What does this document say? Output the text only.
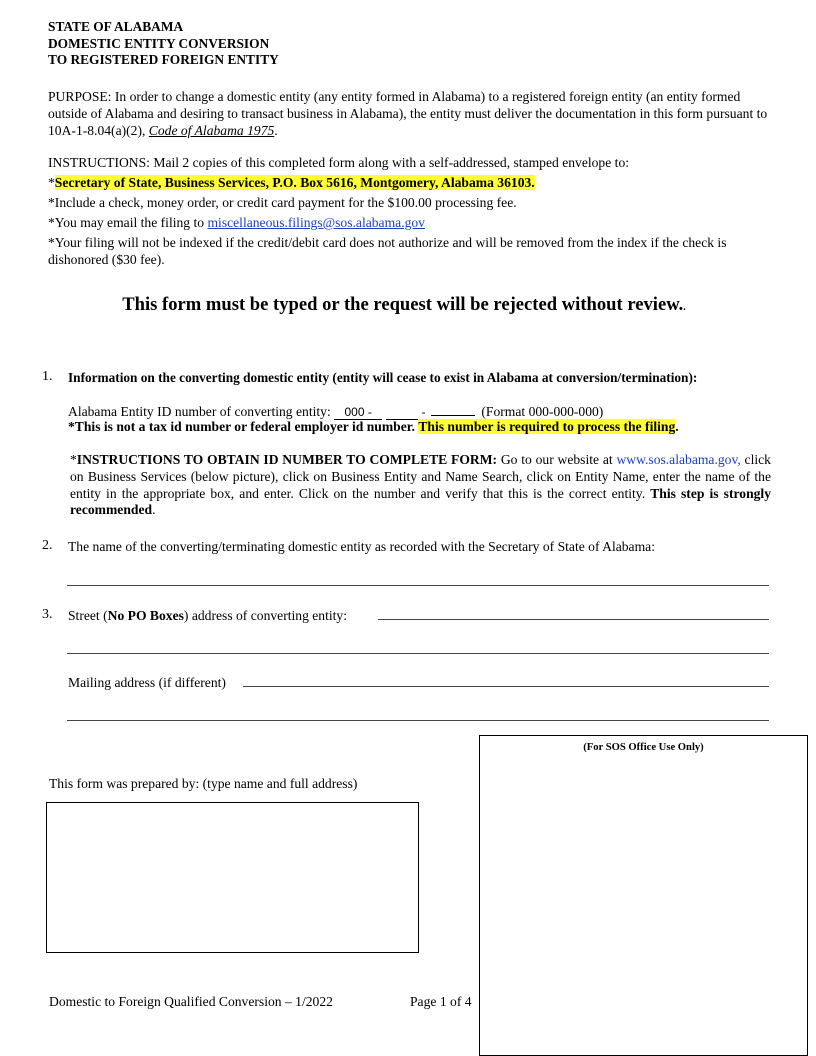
STATE OF ALABAMA
DOMESTIC ENTITY CONVERSION
TO REGISTERED FOREIGN ENTITY
PURPOSE: In order to change a domestic entity (any entity formed in Alabama) to a registered foreign entity (an entity formed outside of Alabama and desiring to transact business in Alabama), the entity must deliver the documentation in this form pursuant to 10A-1-8.04(a)(2), Code of Alabama 1975.
INSTRUCTIONS: Mail 2 copies of this completed form along with a self-addressed, stamped envelope to:
*Secretary of State, Business Services, P.O. Box 5616, Montgomery, Alabama 36103.
*Include a check, money order, or credit card payment for the $100.00 processing fee.
*You may email the filing to miscellaneous.filings@sos.alabama.gov
*Your filing will not be indexed if the credit/debit card does not authorize and will be removed from the index if the check is dishonored ($30 fee).
This form must be typed or the request will be rejected without review..
1. Information on the converting domestic entity (entity will cease to exist in Alabama at conversion/termination):
Alabama Entity ID number of converting entity: 000 -	-	(Format 000-000-000)
*This is not a tax id number or federal employer id number. This number is required to process the filing.
*INSTRUCTIONS TO OBTAIN ID NUMBER TO COMPLETE FORM: Go to our website at www.sos.alabama.gov, click on Business Services (below picture), click on Business Entity and Name Search, click on Entity Name, enter the name of the entity in the appropriate box, and enter. Click on the number and verify that this is the correct entity. This step is strongly recommended.
2. The name of the converting/terminating domestic entity as recorded with the Secretary of State of Alabama:
3. Street (No PO Boxes) address of converting entity:
Mailing address (if different)
(For SOS Office Use Only)
This form was prepared by: (type name and full address)
Domestic to Foreign Qualified Conversion – 1/2022	Page 1 of 4
